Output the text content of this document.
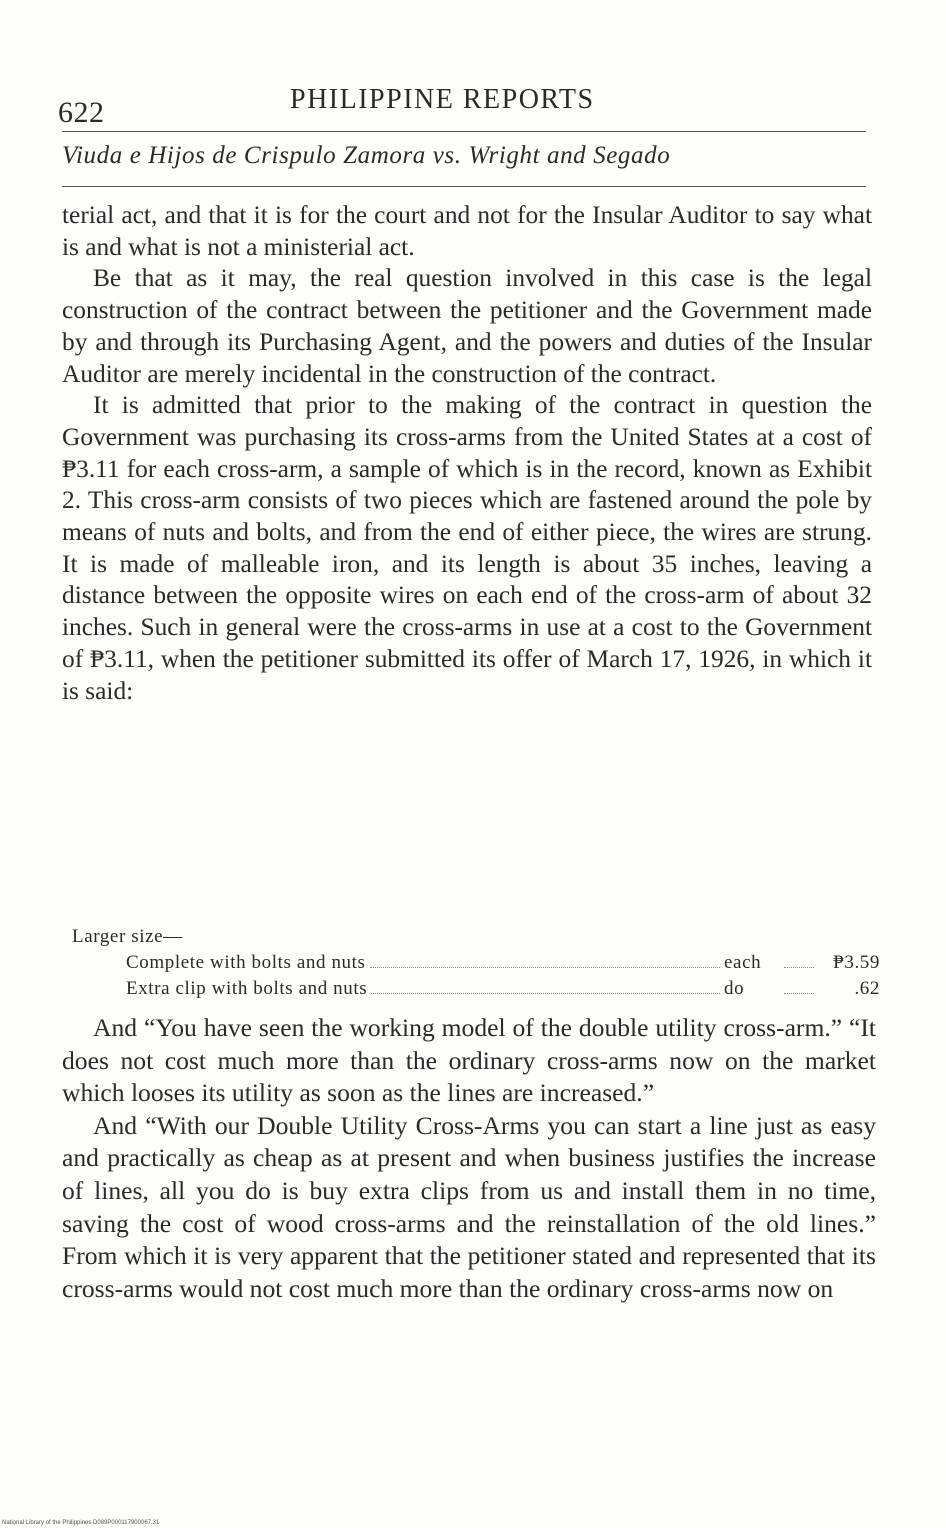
622	PHILIPPINE REPORTS
Viuda e Hijos de Crispulo Zamora vs. Wright and Segado

terial act, and that it is for the court and not for the Insular Auditor to say what is and what is not a ministerial act.

Be that as it may, the real question involved in this case is the legal construction of the contract between the petitioner and the Government made by and through its Purchasing Agent, and the powers and duties of the Insular Auditor are merely incidental in the construction of the contract.

It is admitted that prior to the making of the contract in question the Government was purchasing its cross-arms from the United States at a cost of ₱3.11 for each cross-arm, a sample of which is in the record, known as Exhibit 2. This cross-arm consists of two pieces which are fastened around the pole by means of nuts and bolts, and from the end of either piece, the wires are strung. It is made of malleable iron, and its length is about 35 inches, leaving a distance between the opposite wires on each end of the cross-arm of about 32 inches. Such in general were the cross-arms in use at a cost to the Government of ₱3.11, when the petitioner submitted its offer of March 17, 1926, in which it is said:

Larger size—
Complete with bolts and nuts	each	₱3.59
Extra clip with bolts and nuts	do	.62

And “You have seen the working model of the double utility cross-arm.” “It does not cost much more than the ordinary cross-arms now on the market which looses its utility as soon as the lines are increased.”

And “With our Double Utility Cross-Arms you can start a line just as easy and practically as cheap as at present and when business justifies the increase of lines, all you do is buy extra clips from us and install them in no time, saving the cost of wood cross-arms and the reinstallation of the old lines.” From which it is very apparent that the petitioner stated and represented that its cross-arms would not cost much more than the ordinary cross-arms now on

National Library of the Philippines D089P000117900067.31
